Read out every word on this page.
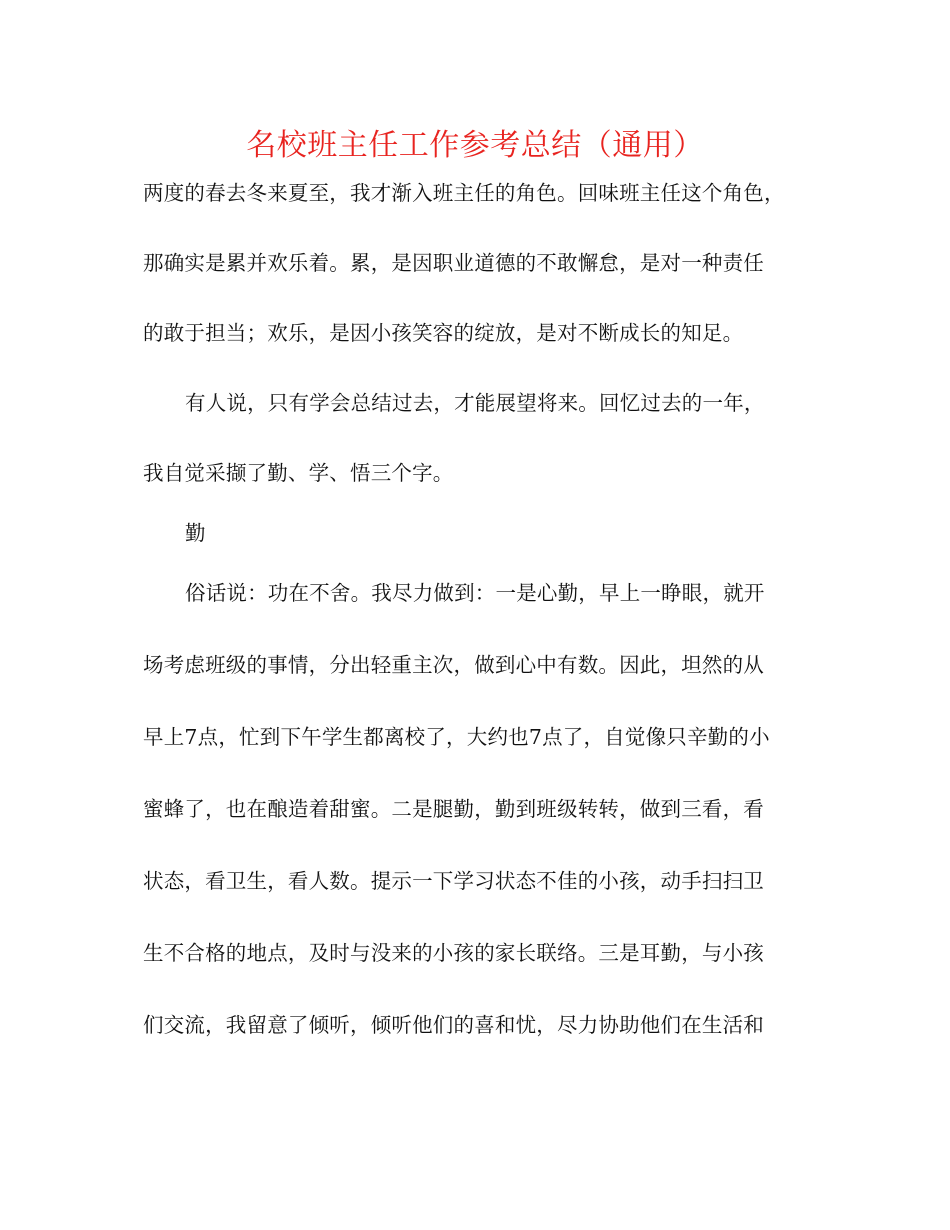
名校班主任工作参考总结（通用）
两度的春去冬来夏至，我才渐入班主任的角色。回味班主任这个角色，
那确实是累并欢乐着。累，是因职业道德的不敢懈怠，是对一种责任
的敢于担当；欢乐，是因小孩笑容的绽放，是对不断成长的知足。
有人说，只有学会总结过去，才能展望将来。回忆过去的一年，
我自觉采撷了勤、学、悟三个字。
勤
俗话说：功在不舍。我尽力做到：一是心勤，早上一睁眼，就开
场考虑班级的事情，分出轻重主次，做到心中有数。因此，坦然的从
早上7点，忙到下午学生都离校了，大约也7点了，自觉像只辛勤的小
蜜蜂了，也在酿造着甜蜜。二是腿勤，勤到班级转转，做到三看，看
状态，看卫生，看人数。提示一下学习状态不佳的小孩，动手扫扫卫
生不合格的地点，及时与没来的小孩的家长联络。三是耳勤，与小孩
们交流，我留意了倾听，倾听他们的喜和忧，尽力协助他们在生活和
